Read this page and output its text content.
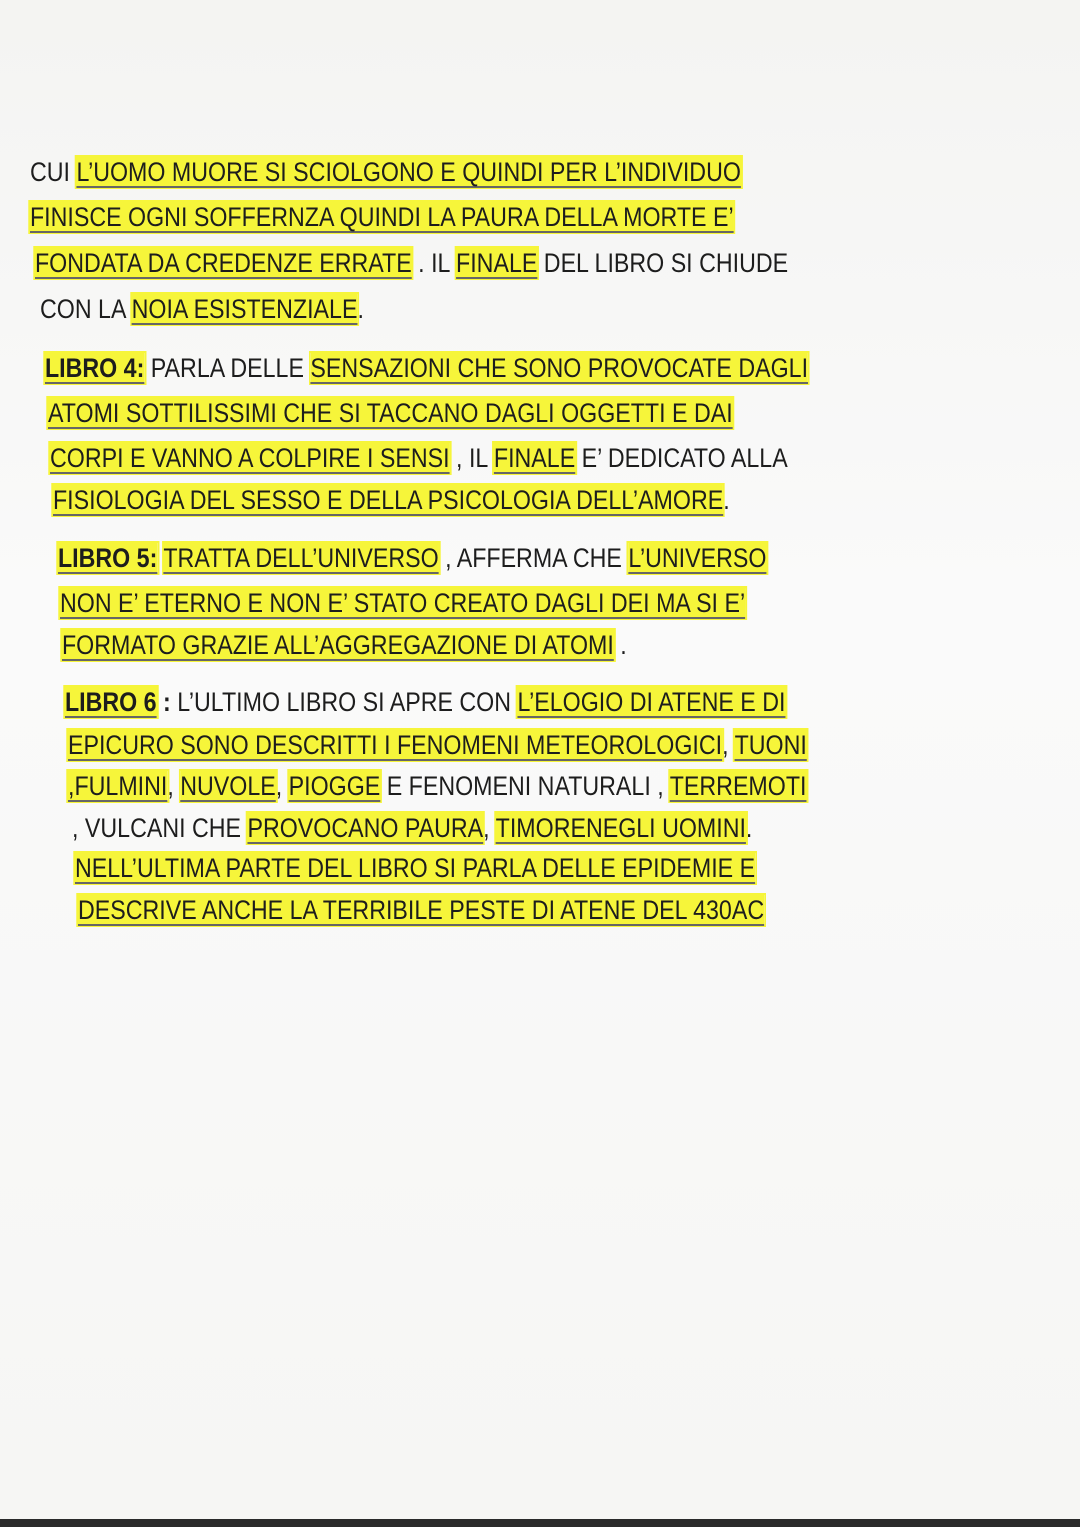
CUI L’UOMO MUORE SI SCIOLGONO E QUINDI PER L’INDIVIDUO
FINISCE OGNI SOFFERNZA QUINDI LA PAURA DELLA MORTE E’
FONDATA DA CREDENZE ERRATE . IL FINALE DEL LIBRO SI CHIUDE
CON LA NOIA ESISTENZIALE.
LIBRO 4: PARLA DELLE SENSAZIONI CHE SONO PROVOCATE DAGLI
ATOMI SOTTILISSIMI CHE SI TACCANO DAGLI OGGETTI E DAI
CORPI E VANNO A COLPIRE I SENSI , IL FINALE E’ DEDICATO ALLA
FISIOLOGIA DEL SESSO E DELLA PSICOLOGIA DELL’AMORE.
LIBRO 5: TRATTA DELL’UNIVERSO , AFFERMA CHE L’UNIVERSO
NON E’ ETERNO E NON E’ STATO CREATO DAGLI DEI MA SI E’
FORMATO GRAZIE ALL’AGGREGAZIONE DI ATOMI .
LIBRO 6 : L’ULTIMO LIBRO SI APRE CON L’ELOGIO DI ATENE E DI
EPICURO SONO DESCRITTI I FENOMENI METEOROLOGICI, TUONI
,FULMINI, NUVOLE, PIOGGE E FENOMENI NATURALI , TERREMOTI
, VULCANI CHE PROVOCANO PAURA, TIMORENEGLI UOMINI.
NELL’ULTIMA PARTE DEL LIBRO SI PARLA DELLE EPIDEMIE E
DESCRIVE ANCHE LA TERRIBILE PESTE DI ATENE DEL 430AC
